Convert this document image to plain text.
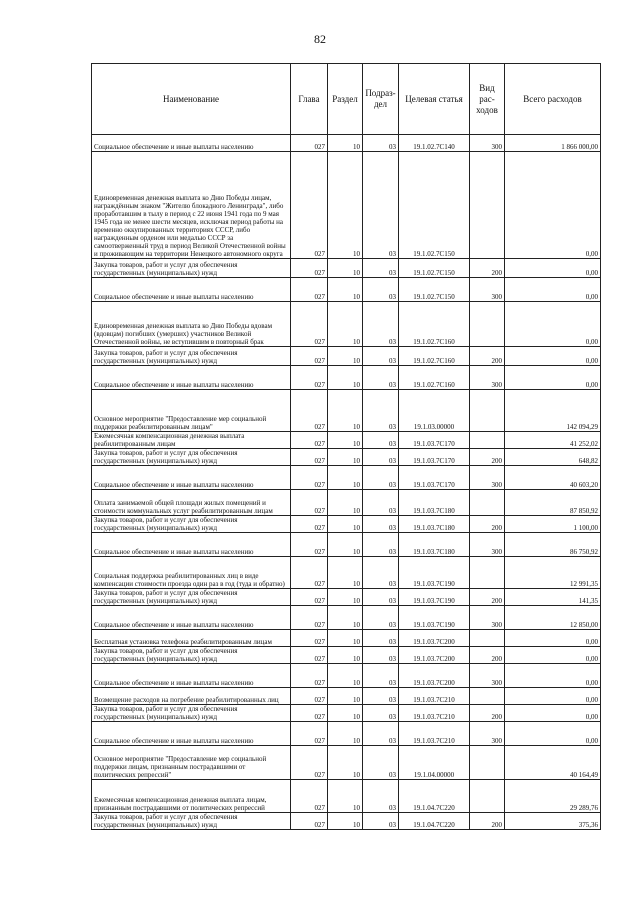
82
Наименование	Глава	Раздел	Подраз-дел	Целевая статья	Вид рас-ходов	Всего расходов
Социальное обеспечение и иные выплаты населению	027	10	03	19.1.02.7С140	300	1 866 000,00
Единовременная денежная выплата ко Дню Победы лицам, награждённым знаком "Жителю блокадного Ленинграда", либо проработавшим в тылу в период с 22 июня 1941 года по 9 мая 1945 года не менее шести месяцев, исключая период работы на временно оккупированных территориях СССР, либо награжденным орденом или медалью СССР за самоотверженный труд в период Великой Отечественной войны и проживающим на территории Ненецкого автономного округа	027	10	03	19.1.02.7С150		0,00
Закупка товаров, работ и услуг для обеспечения государственных (муниципальных) нужд	027	10	03	19.1.02.7С150	200	0,00
Социальное обеспечение и иные выплаты населению	027	10	03	19.1.02.7С150	300	0,00
Единовременная денежная выплата ко Дню Победы вдовам (вдовцам) погибших (умерших) участников Великой Отечественной войны, не вступившим в повторный брак	027	10	03	19.1.02.7С160		0,00
Закупка товаров, работ и услуг для обеспечения государственных (муниципальных) нужд	027	10	03	19.1.02.7С160	200	0,00
Социальное обеспечение и иные выплаты населению	027	10	03	19.1.02.7С160	300	0,00
Основное мероприятие "Предоставление мер социальной поддержки реабилитированным лицам"	027	10	03	19.1.03.00000		142 094,29
Ежемесячная компенсационная денежная выплата реабилитированным лицам	027	10	03	19.1.03.7С170		41 252,02
Закупка товаров, работ и услуг для обеспечения государственных (муниципальных) нужд	027	10	03	19.1.03.7С170	200	648,82
Социальное обеспечение и иные выплаты населению	027	10	03	19.1.03.7С170	300	40 603,20
Оплата занимаемой общей площади жилых помещений и стоимости коммунальных услуг реабилитированным лицам	027	10	03	19.1.03.7С180		87 850,92
Закупка товаров, работ и услуг для обеспечения государственных (муниципальных) нужд	027	10	03	19.1.03.7С180	200	1 100,00
Социальное обеспечение и иные выплаты населению	027	10	03	19.1.03.7С180	300	86 750,92
Социальная поддержка реабилитированных лиц в виде компенсации стоимости проезда один раз в год (туда и обратно)	027	10	03	19.1.03.7С190		12 991,35
Закупка товаров, работ и услуг для обеспечения государственных (муниципальных) нужд	027	10	03	19.1.03.7С190	200	141,35
Социальное обеспечение и иные выплаты населению	027	10	03	19.1.03.7С190	300	12 850,00
Бесплатная установка телефона реабилитированным лицам	027	10	03	19.1.03.7С200		0,00
Закупка товаров, работ и услуг для обеспечения государственных (муниципальных) нужд	027	10	03	19.1.03.7С200	200	0,00
Социальное обеспечение и иные выплаты населению	027	10	03	19.1.03.7С200	300	0,00
Возмещение расходов на погребение реабилитированных лиц	027	10	03	19.1.03.7С210		0,00
Закупка товаров, работ и услуг для обеспечения государственных (муниципальных) нужд	027	10	03	19.1.03.7С210	200	0,00
Социальное обеспечение и иные выплаты населению	027	10	03	19.1.03.7С210	300	0,00
Основное мероприятие "Предоставление мер социальной поддержки лицам, признанным пострадавшими от политических репрессий"	027	10	03	19.1.04.00000		40 164,49
Ежемесячная компенсационная денежная выплата лицам, признанным пострадавшими от политических репрессий	027	10	03	19.1.04.7С220		29 289,76
Закупка товаров, работ и услуг для обеспечения государственных (муниципальных) нужд	027	10	03	19.1.04.7С220	200	375,36
